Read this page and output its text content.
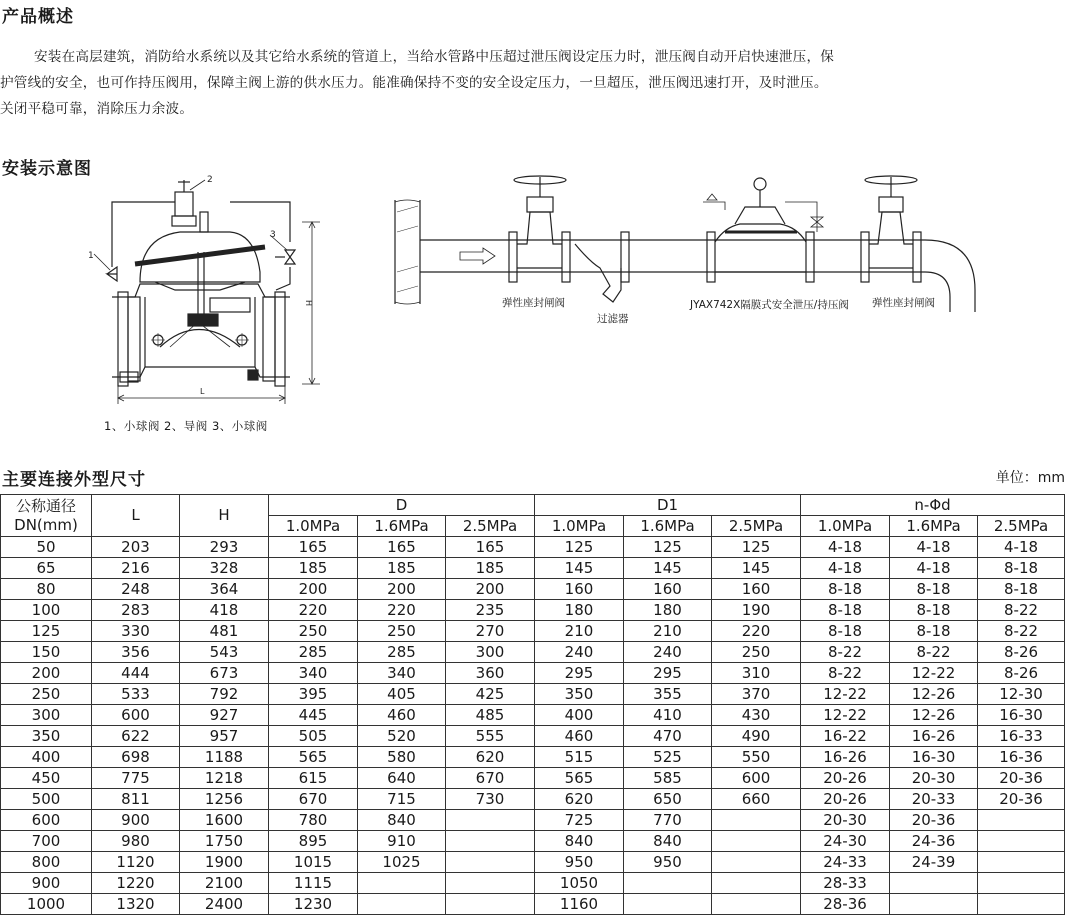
产品概述

安装在高层建筑，消防给水系统以及其它给水系统的管道上，当给水管路中压超过泄压阀设定压力时，泄压阀自动开启快速泄压，保
护管线的安全，也可作持压阀用，保障主阀上游的供水压力。能准确保持不变的安全设定压力，一旦超压，泄压阀迅速打开，及时泄压。
关闭平稳可靠，消除压力余波。

安装示意图
1
3
2
H
L
1、小球阀 2、导阀 3、小球阀
弹性座封闸阀
过滤器
JYAX742X隔膜式安全泄压/持压阀 弹性座封闸阀
主要连接外型尺寸	单位：mm
公称通径
DN(mm)	L	H	D			D1			n-Φd		
			1.0MPa	1.6MPa	2.5MPa	1.0MPa	1.6MPa	2.5MPa	1.0MPa	1.6MPa	2.5MPa
50	203	293	165	165	165	125	125	125	4-18	4-18	4-18
65	216	328	185	185	185	145	145	145	4-18	4-18	8-18
80	248	364	200	200	200	160	160	160	8-18	8-18	8-18
100	283	418	220	220	235	180	180	190	8-18	8-18	8-22
125	330	481	250	250	270	210	210	220	8-18	8-18	8-22
150	356	543	285	285	300	240	240	250	8-22	8-22	8-26
200	444	673	340	340	360	295	295	310	8-22	12-22	8-26
250	533	792	395	405	425	350	355	370	12-22	12-26	12-30
300	600	927	445	460	485	400	410	430	12-22	12-26	16-30
350	622	957	505	520	555	460	470	490	16-22	16-26	16-33
400	698	1188	565	580	620	515	525	550	16-26	16-30	16-36
450	775	1218	615	640	670	565	585	600	20-26	20-30	20-36
500	811	1256	670	715	730	620	650	660	20-26	20-33	20-36
600	900	1600	780	840		725	770		20-30	20-36	
700	980	1750	895	910		840	840		24-30	24-36	
800	1120	1900	1015	1025		950	950		24-33	24-39	
900	1220	2100	1115			1050			28-33		
1000	1320	2400	1230			1160			28-36		
